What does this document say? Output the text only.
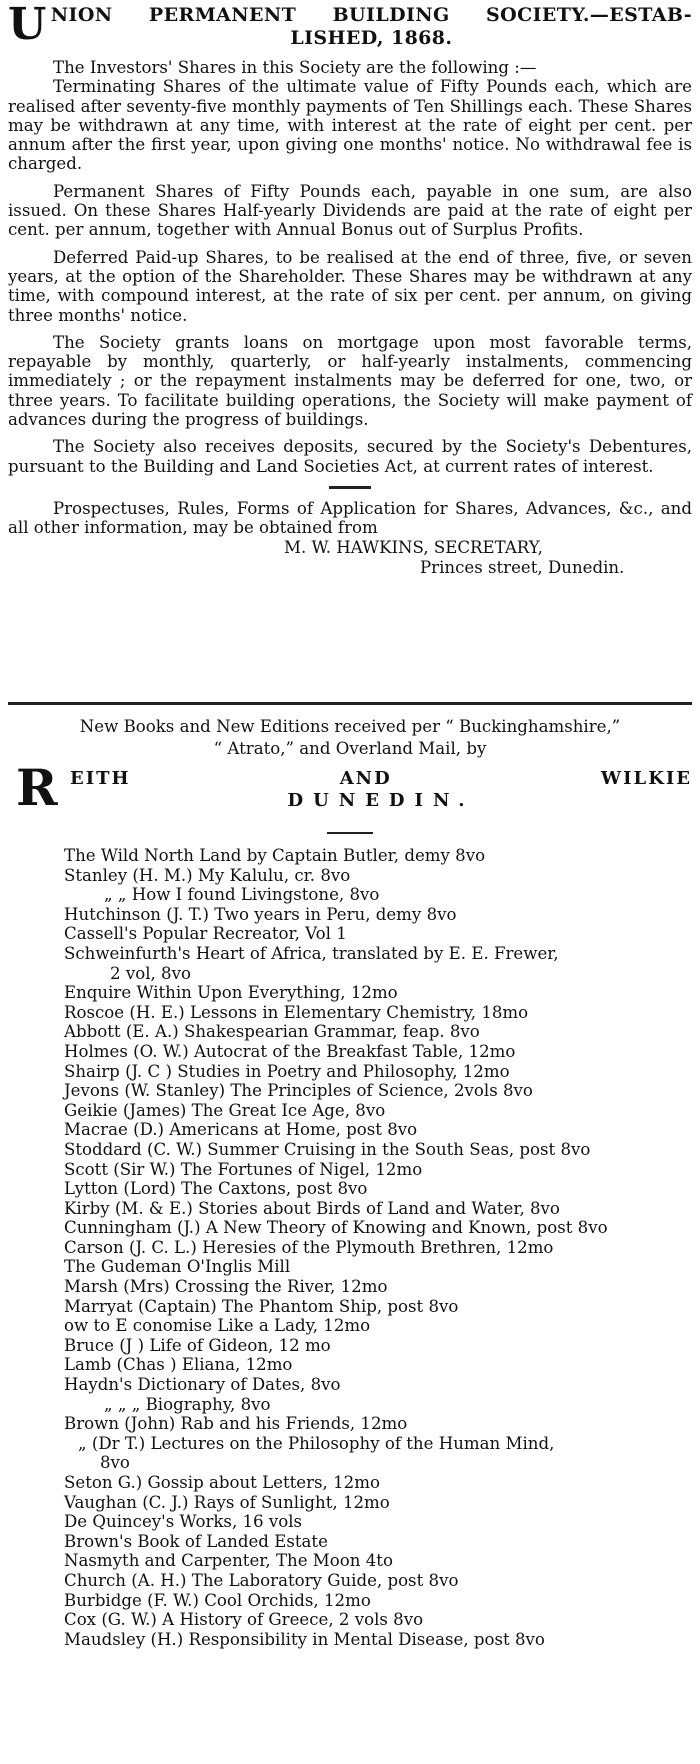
U NION PERMANENT BUILDING SOCIETY.—ESTAB-
LISHED, 1868.

The Investors' Shares in this Society are the following :—

Terminating Shares of the ultimate value of Fifty Pounds each, which are realised after seventy-five monthly payments of Ten Shillings each. These Shares may be withdrawn at any time, with interest at the rate of eight per cent. per annum after the first year, upon giving one months' notice. No withdrawal fee is charged.

Permanent Shares of Fifty Pounds each, payable in one sum, are also issued. On these Shares Half-yearly Dividends are paid at the rate of eight per cent. per annum, together with Annual Bonus out of Surplus Profits.

Deferred Paid-up Shares, to be realised at the end of three, five, or seven years, at the option of the Shareholder. These Shares may be withdrawn at any time, with compound interest, at the rate of six per cent. per annum, on giving three months' notice.

The Society grants loans on mortgage upon most favorable terms, repayable by monthly, quarterly, or half-yearly instalments, commencing immediately ; or the repayment instalments may be deferred for one, two, or three years. To facilitate building operations, the Society will make payment of advances during the progress of buildings.

The Society also receives deposits, secured by the Society's Debentures, pursuant to the Building and Land Societies Act, at current rates of interest.

Prospectuses, Rules, Forms of Application for Shares, Advances, &c., and all other information, may be obtained from

M. W. HAWKINS, SECRETARY,
Princes street, Dunedin.

New Books and New Editions received per “ Buckinghamshire,”

“ Atrato,” and Overland Mail, by

R EITH AND WILKIE
DUNEDIN.
The Wild North Land by Captain Butler, demy 8vo
Stanley (H. M.) My Kalulu, cr. 8vo
„ „ How I found Livingstone, 8vo
Hutchinson (J. T.) Two years in Peru, demy 8vo
Cassell's Popular Recreator, Vol 1
Schweinfurth's Heart of Africa, translated by E. E. Frewer,
2 vol, 8vo
Enquire Within Upon Everything, 12mo
Roscoe (H. E.) Lessons in Elementary Chemistry, 18mo
Abbott (E. A.) Shakespearian Grammar, feap. 8vo
Holmes (O. W.) Autocrat of the Breakfast Table, 12mo
Shairp (J. C ) Studies in Poetry and Philosophy, 12mo
Jevons (W. Stanley) The Principles of Science, 2vols 8vo
Geikie (James) The Great Ice Age, 8vo
Macrae (D.) Americans at Home, post 8vo
Stoddard (C. W.) Summer Cruising in the South Seas, post 8vo
Scott (Sir W.) The Fortunes of Nigel, 12mo
Lytton (Lord) The Caxtons, post 8vo
Kirby (M. & E.) Stories about Birds of Land and Water, 8vo
Cunningham (J.) A New Theory of Knowing and Known, post 8vo
Carson (J. C. L.) Heresies of the Plymouth Brethren, 12mo
The Gudeman O'Inglis Mill
Marsh (Mrs) Crossing the River, 12mo
Marryat (Captain) The Phantom Ship, post 8vo
ow to E conomise Like a Lady, 12mo
Bruce (J ) Life of Gideon, 12 mo
Lamb (Chas ) Eliana, 12mo
Haydn's Dictionary of Dates, 8vo
„ „ „ Biography, 8vo
Brown (John) Rab and his Friends, 12mo
„ (Dr T.) Lectures on the Philosophy of the Human Mind,
8vo
Seton G.) Gossip about Letters, 12mo
Vaughan (C. J.) Rays of Sunlight, 12mo
De Quincey's Works, 16 vols
Brown's Book of Landed Estate
Nasmyth and Carpenter, The Moon 4to
Church (A. H.) The Laboratory Guide, post 8vo
Burbidge (F. W.) Cool Orchids, 12mo
Cox (G. W.) A History of Greece, 2 vols 8vo
Maudsley (H.) Responsibility in Mental Disease, post 8vo
